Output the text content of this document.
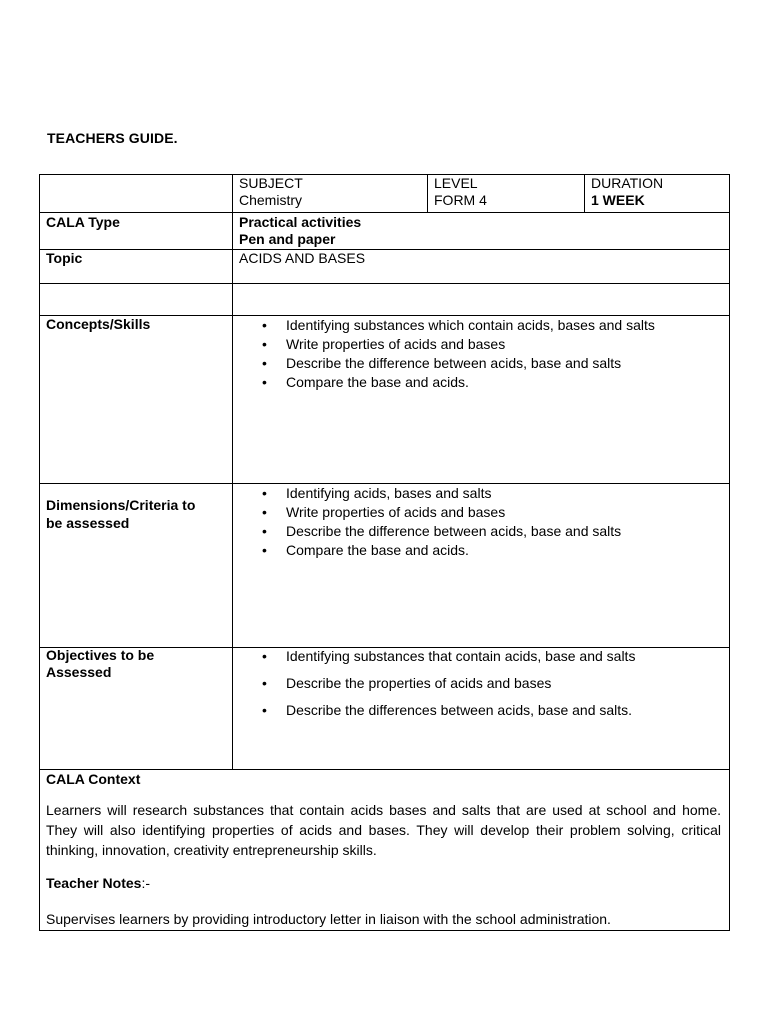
TEACHERS GUIDE.
SUBJECT
Chemistry
LEVEL
FORM 4
DURATION
1 WEEK
CALA Type	Practical activities
Pen and paper
Topic	ACIDS AND BASES
Concepts/Skills
•	Identifying substances which contain acids, bases and salts
• Write properties of acids and bases
• Describe the difference between acids, base and salts
• Compare the base and acids.
Dimensions/Criteria to
be assessed
• Identifying acids, bases and salts
• Write properties of acids and bases
• Describe the difference between acids, base and salts
• Compare the base and acids.
Objectives to be
Assessed
• Identifying substances that contain acids, base and salts
• Describe the properties of acids and bases
• Describe the differences between acids, base and salts.
CALA Context

Learners will research substances that contain acids bases and salts that are used at school and home. They will also identifying properties of acids and bases. They will develop their problem solving, critical thinking, innovation, creativity entrepreneurship skills.

Teacher Notes:-
Supervises learners by providing introductory letter in liaison with the school administration.
